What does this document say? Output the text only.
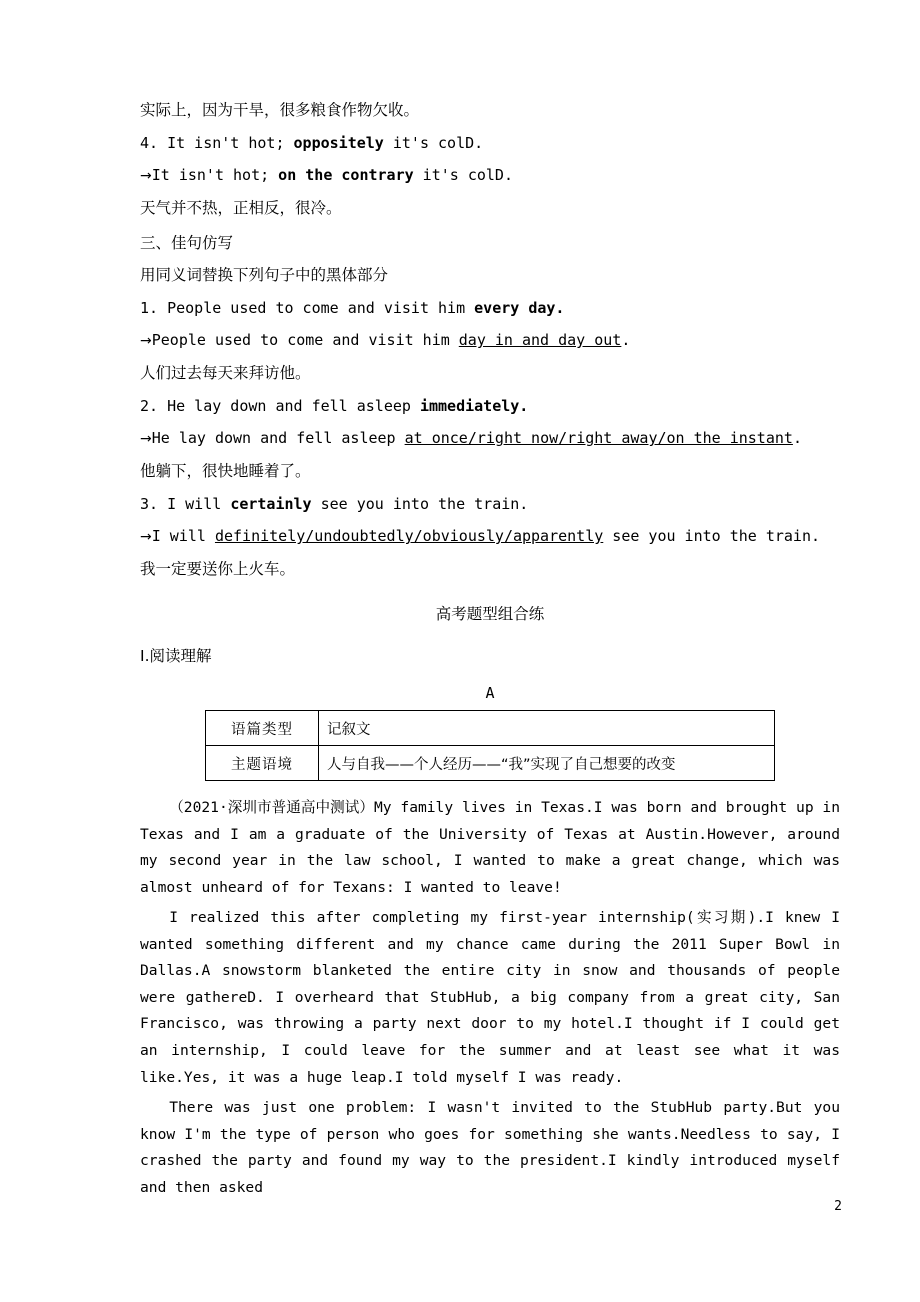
实际上，因为干旱，很多粮食作物欠收。
4. It isn't hot; oppositely it's colD.
→It isn't hot; on the contrary it's colD.
天气并不热，正相反，很冷。
三、佳句仿写
用同义词替换下列句子中的黑体部分
1. People used to come and visit him every day.
→People used to come and visit him day in and day out.
人们过去每天来拜访他。
2. He lay down and fell asleep immediately.
→He lay down and fell asleep at once/right now/right away/on the instant.
他躺下，很快地睡着了。
3. I will certainly see you into the train.
→I will definitely/undoubtedly/obviously/apparently see you into the train.
我一定要送你上火车。
高考题型组合练
Ⅰ.阅读理解
A
语篇类型	记叙文
主题语境	人与自我——个人经历——“我”实现了自己想要的改变

（2021·深圳市普通高中测试）My family lives in Texas.I was born and brought up in Texas and I am a graduate of the University of Texas at Austin.However, around my second year in the law school, I wanted to make a great change, which was almost unheard of for Texans: I wanted to leave!

I realized this after completing my first-year internship(实习期).I knew I wanted something different and my chance came during the 2011 Super Bowl in Dallas.A snowstorm blanketed the entire city in snow and thousands of people were gathereD. I overheard that StubHub, a big company from a great city, San Francisco, was throwing a party next door to my hotel.I thought if I could get an internship, I could leave for the summer and at least see what it was like.Yes, it was a huge leap.I told myself I was ready.

There was just one problem: I wasn't invited to the StubHub party.But you know I'm the type of person who goes for something she wants.Needless to say, I crashed the party and found my way to the president.I kindly introduced myself and then asked

2
